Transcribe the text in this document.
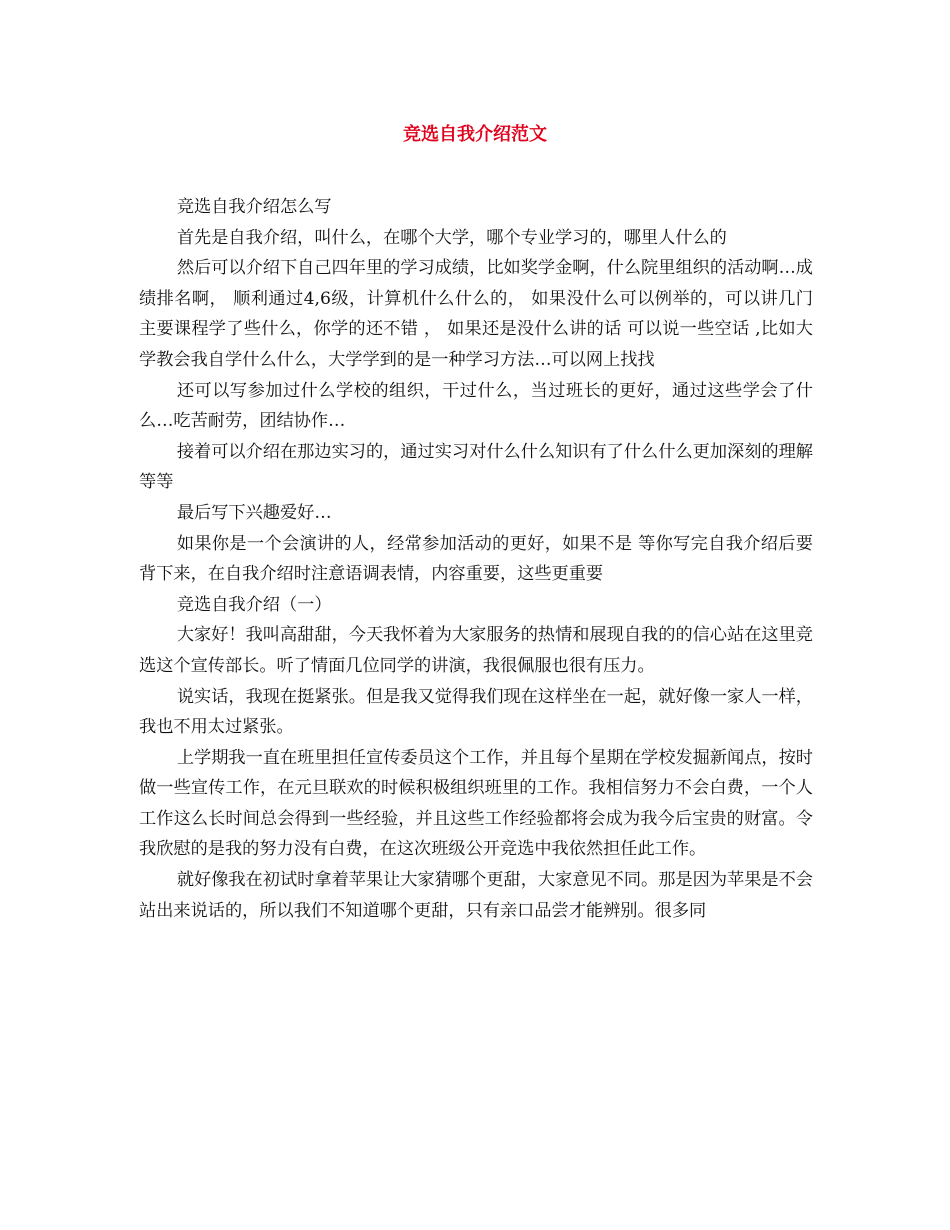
竞选自我介绍范文

竞选自我介绍怎么写

首先是自我介绍，叫什么，在哪个大学，哪个专业学习的，哪里人什么的

然后可以介绍下自己四年里的学习成绩，比如奖学金啊，什么院里组织的活动啊…成绩排名啊， 顺利通过4,6级，计算机什么什么的， 如果没什么可以例举的，可以讲几门主要课程学了些什么，你学的还不错 ， 如果还是没什么讲的话 可以说一些空话 ,比如大学教会我自学什么什么，大学学到的是一种学习方法…可以网上找找

还可以写参加过什么学校的组织，干过什么，当过班长的更好，通过这些学会了什么…吃苦耐劳，团结协作…

接着可以介绍在那边实习的，通过实习对什么什么知识有了什么什么更加深刻的理解等等

最后写下兴趣爱好…

如果你是一个会演讲的人，经常参加活动的更好，如果不是 等你写完自我介绍后要背下来，在自我介绍时注意语调表情，内容重要，这些更重要

竞选自我介绍（一）

大家好！我叫高甜甜，今天我怀着为大家服务的热情和展现自我的的信心站在这里竞选这个宣传部长。听了情面几位同学的讲演，我很佩服也很有压力。

说实话，我现在挺紧张。但是我又觉得我们现在这样坐在一起，就好像一家人一样，我也不用太过紧张。

上学期我一直在班里担任宣传委员这个工作，并且每个星期在学校发掘新闻点，按时做一些宣传工作，在元旦联欢的时候积极组织班里的工作。我相信努力不会白费，一个人工作这么长时间总会得到一些经验，并且这些工作经验都将会成为我今后宝贵的财富。令我欣慰的是我的努力没有白费，在这次班级公开竞选中我依然担任此工作。

就好像我在初试时拿着苹果让大家猜哪个更甜，大家意见不同。那是因为苹果是不会站出来说话的，所以我们不知道哪个更甜，只有亲口品尝才能辨别。很多同
